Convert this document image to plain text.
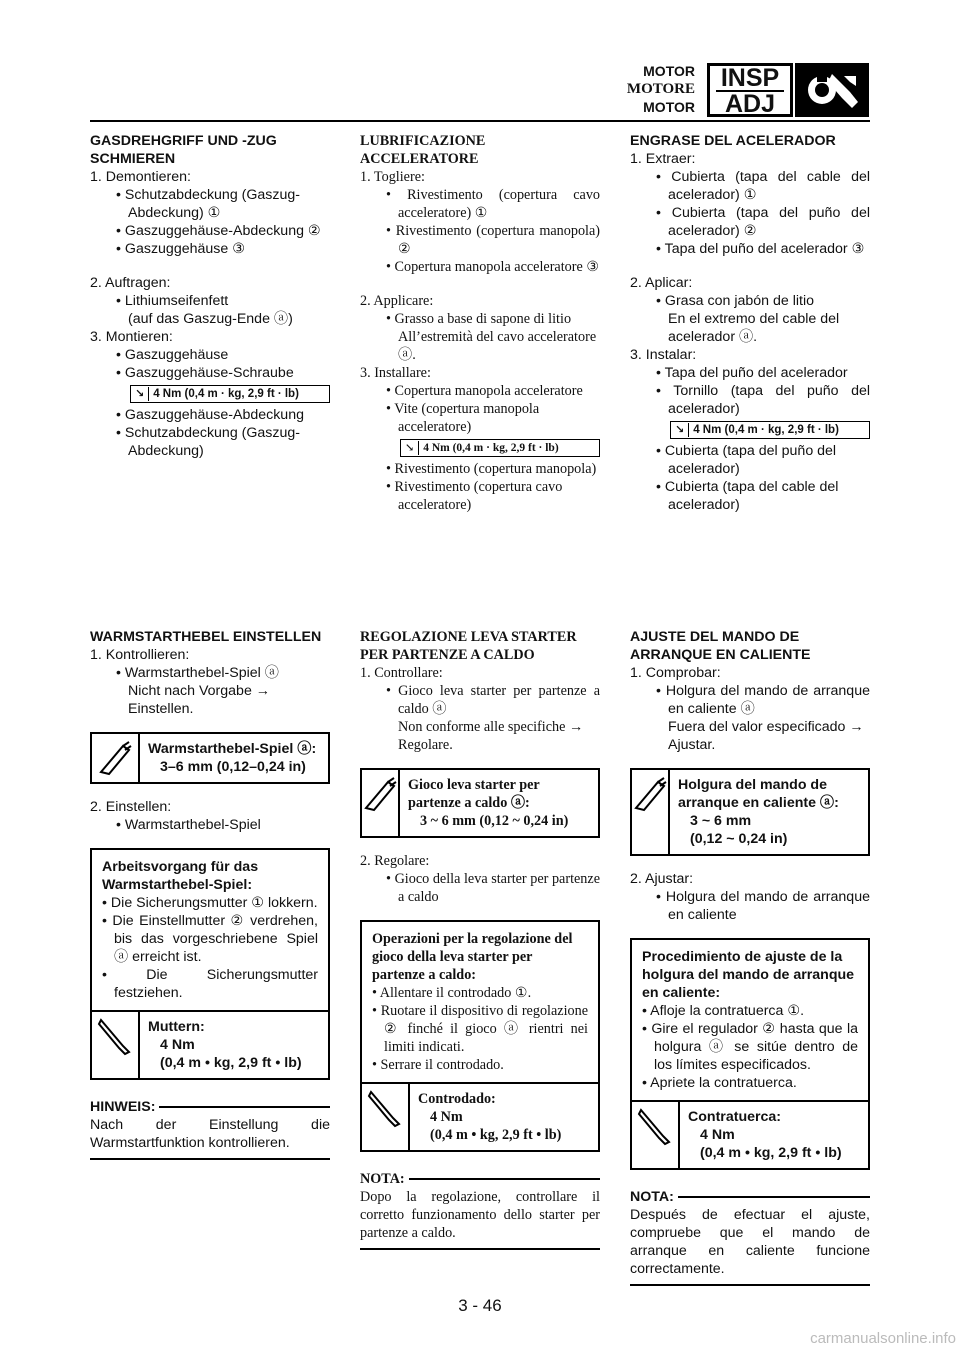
MOTOR
MOTORE
MOTOR
INSP
ADJ
GASDREHGRIFF UND -ZUG SCHMIEREN
1. Demontieren:
• Schutzabdeckung (Gaszug-Abdeckung) ①
• Gaszuggehäuse-Abdeckung ②
• Gaszuggehäuse ③
2. Auftragen:
• Lithiumseifenfett
(auf das Gaszug-Ende ⓐ)
3. Montieren:
• Gaszuggehäuse
• Gaszuggehäuse-Schraube
↘ 4 Nm (0,4 m · kg, 2,9 ft · lb)
• Gaszuggehäuse-Abdeckung
• Schutzabdeckung (Gaszug-Abdeckung)
LUBRIFICAZIONE ACCELERATORE
1. Togliere:
• Rivestimento (copertura cavo acceleratore) ①
• Rivestimento (copertura manopola) ②
• Copertura manopola acceleratore ③
2. Applicare:
• Grasso a base di sapone di litio
All’estremità del cavo acceleratore ⓐ.
3. Installare:
• Copertura manopola acceleratore
• Vite (copertura manopola acceleratore)
↘ 4 Nm (0,4 m · kg, 2,9 ft · lb)
• Rivestimento (copertura manopola)
• Rivestimento (copertura cavo acceleratore)
ENGRASE DEL ACELERADOR
1. Extraer:
• Cubierta (tapa del cable del acelerador) ①
• Cubierta (tapa del puño del acelerador) ②
• Tapa del puño del acelerador ③
2. Aplicar:
• Grasa con jabón de litio
En el extremo del cable del acelerador ⓐ.
3. Instalar:
• Tapa del puño del acelerador
• Tornillo (tapa del puño del acelerador)
↘ 4 Nm (0,4 m · kg, 2,9 ft · lb)
• Cubierta (tapa del puño del acelerador)
• Cubierta (tapa del cable del acelerador)
WARMSTARTHEBEL EINSTELLEN
1. Kontrollieren:
• Warmstarthebel-Spiel ⓐ
Nicht nach Vorgabe → Einstellen.
Warmstarthebel-Spiel ⓐ:
3–6 mm (0,12–0,24 in)
2. Einstellen:
• Warmstarthebel-Spiel
Arbeitsvorgang für das Warmstarthebel-Spiel:
• Die Sicherungsmutter ① lokkern.
• Die Einstellmutter ② verdrehen, bis das vorgeschriebene Spiel ⓐ erreicht ist.
• Die Sicherungsmutter festziehen.
Muttern:
4 Nm
(0,4 m • kg, 2,9 ft • lb)
HINWEIS:
Nach der Einstellung die Warmstartfunktion kontrollieren.
REGOLAZIONE LEVA STARTER PER PARTENZE A CALDO
1. Controllare:
• Gioco leva starter per partenze a caldo ⓐ
Non conforme alle specifiche → Regolare.
Gioco leva starter per partenze a caldo ⓐ:
3 ~ 6 mm (0,12 ~ 0,24 in)
2. Regolare:
• Gioco della leva starter per partenze a caldo
Operazioni per la regolazione del gioco della leva starter per partenze a caldo:
• Allentare il controdado ①.
• Ruotare il dispositivo di regolazione ② finché il gioco ⓐ rientri nei limiti indicati.
• Serrare il controdado.
Controdado:
4 Nm
(0,4 m • kg, 2,9 ft • lb)
NOTA:
Dopo la regolazione, controllare il corretto funzionamento dello starter per partenze a caldo.
AJUSTE DEL MANDO DE ARRANQUE EN CALIENTE
1. Comprobar:
• Holgura del mando de arranque en caliente ⓐ
Fuera del valor especificado → Ajustar.
Holgura del mando de arranque en caliente ⓐ:
3 ~ 6 mm
(0,12 ~ 0,24 in)
2. Ajustar:
• Holgura del mando de arranque en caliente
Procedimiento de ajuste de la holgura del mando de arranque en caliente:
• Afloje la contratuerca ①.
• Gire el regulador ② hasta que la holgura ⓐ se sitúe dentro de los límites especificados.
• Apriete la contratuerca.
Contratuerca:
4 Nm
(0,4 m • kg, 2,9 ft • lb)
NOTA:
Después de efectuar el ajuste, compruebe que el mando de arranque en caliente funcione correctamente.
3 - 46
carmanualsonline.info
